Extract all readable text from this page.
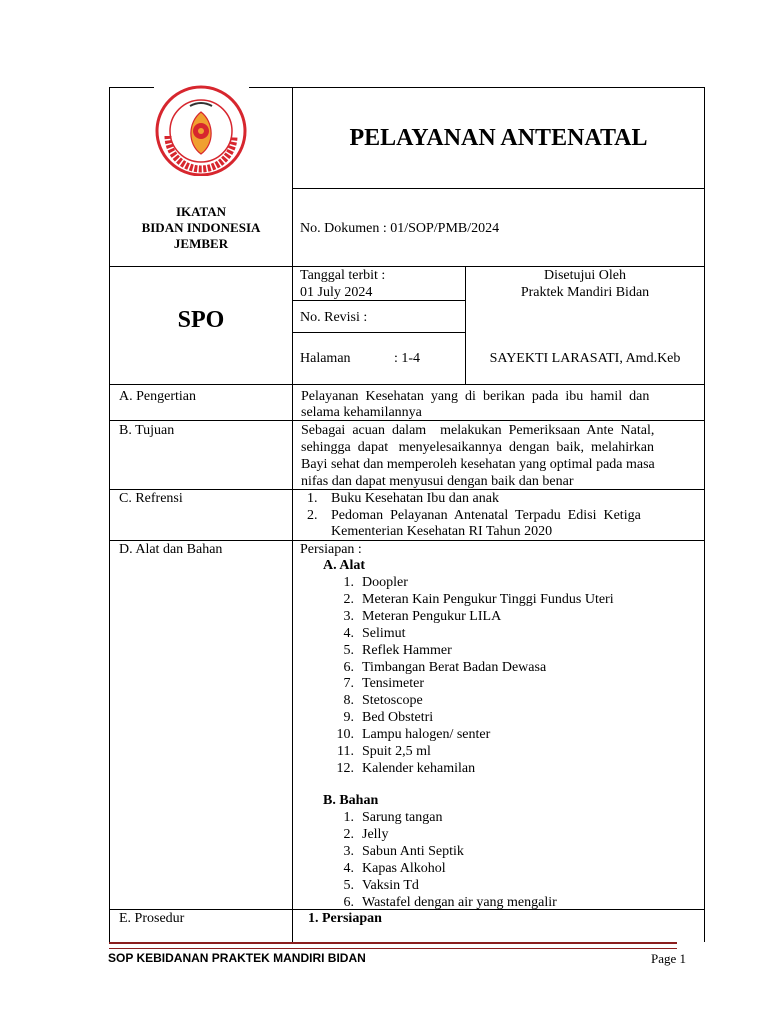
IKATAN
BIDAN INDONESIA
JEMBER
PELAYANAN ANTENATAL
No. Dokumen : 01/SOP/PMB/2024
SPO
Tanggal terbit :
01 July 2024
No. Revisi :
Halaman	: 1-4
Disetujui Oleh
Praktek Mandiri Bidan
SAYEKTI LARASATI, Amd.Keb
A. Pengertian	Pelayanan  Kesehatan  yang  di  berikan  pada  ibu  hamil  dan
selama kehamilannya
B. Tujuan	Sebagai  acuan  dalam    melakukan  Pemeriksaan  Ante  Natal,
sehingga  dapat   menyelesaikannya  dengan  baik,  melahirkan
Bayi sehat dan memperoleh kesehatan yang optimal pada masa
nifas dan dapat menyusui dengan baik dan benar
C. Refrensi	1. Buku Kesehatan Ibu dan anak
2. Pedoman  Pelayanan  Antenatal  Terpadu  Edisi  Ketiga
Kementerian Kesehatan RI Tahun 2020
D. Alat dan Bahan	Persiapan :
A. Alat
1. Doopler
2. Meteran Kain Pengukur Tinggi Fundus Uteri
3. Meteran Pengukur LILA
4. Selimut
5. Reflek Hammer
6. Timbangan Berat Badan Dewasa
7. Tensimeter
8. Stetoscope
9. Bed Obstetri
10. Lampu halogen/ senter
11. Spuit 2,5 ml
12. Kalender kehamilan
B. Bahan
1. Sarung tangan
2. Jelly
3. Sabun Anti Septik
4. Kapas Alkohol
5. Vaksin Td
6. Wastafel dengan air yang mengalir
E. Prosedur	1. Persiapan
SOP KEBIDANAN PRAKTEK MANDIRI BIDAN	Page 1
